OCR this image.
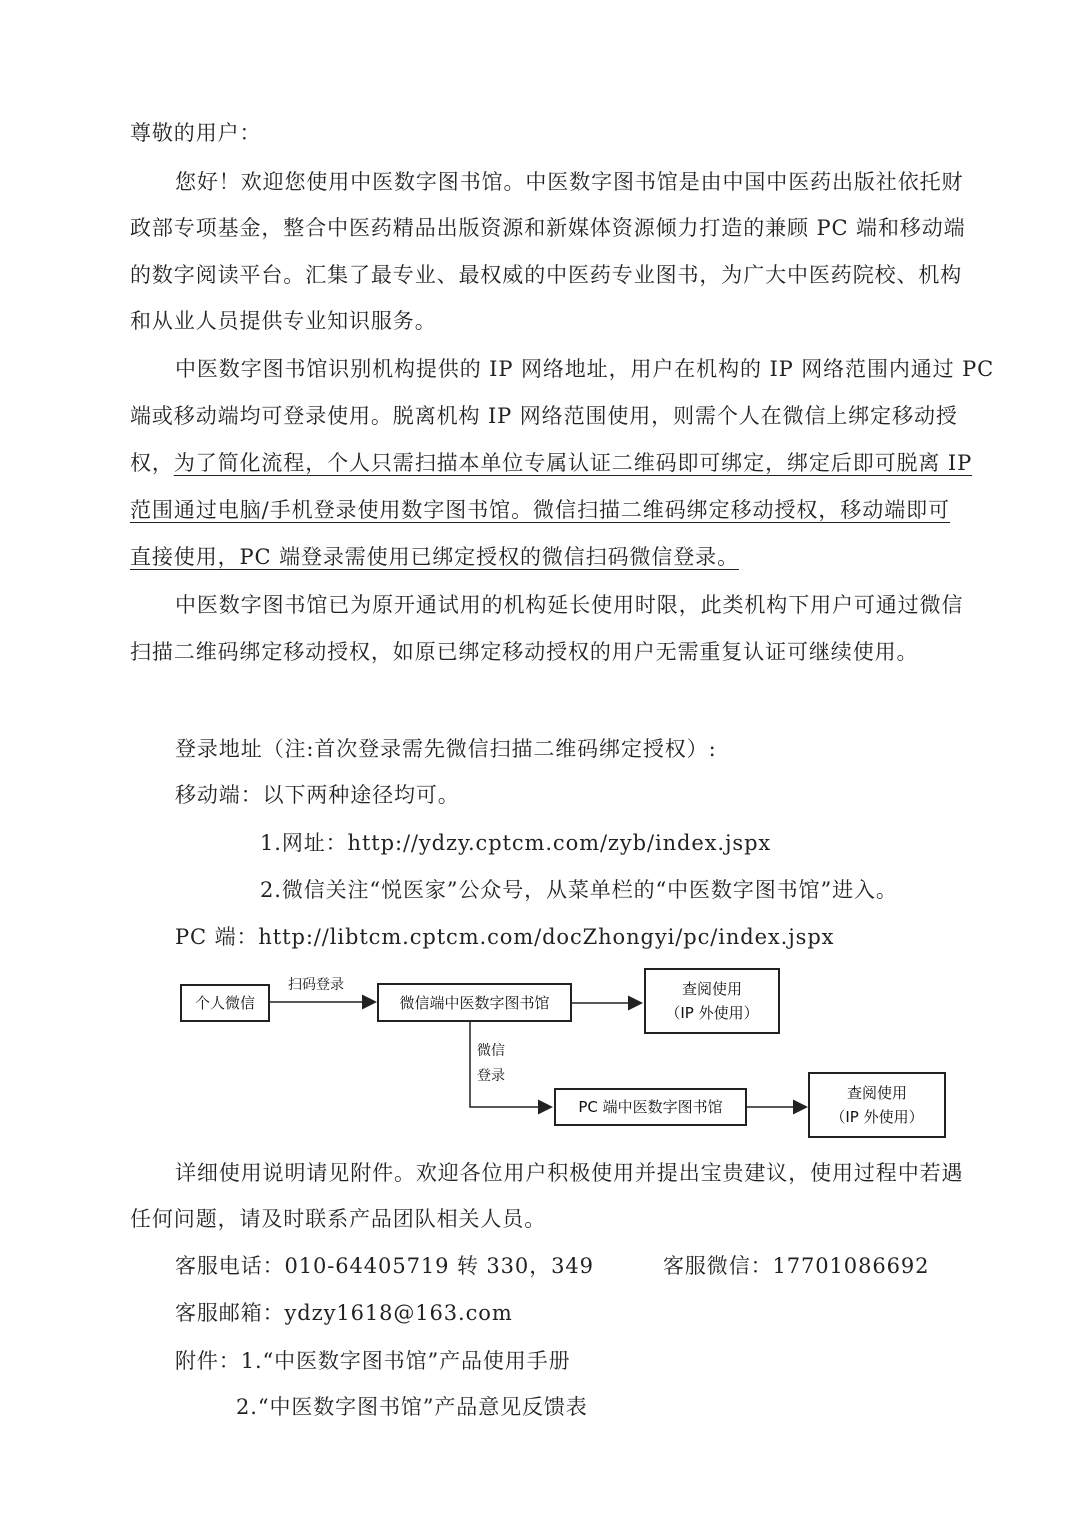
尊敬的用户：

您好！欢迎您使用中医数字图书馆。中医数字图书馆是由中国中医药出版社依托财

政部专项基金，整合中医药精品出版资源和新媒体资源倾力打造的兼顾 PC 端和移动端

的数字阅读平台。汇集了最专业、最权威的中医药专业图书，为广大中医药院校、机构

和从业人员提供专业知识服务。

中医数字图书馆识别机构提供的 IP 网络地址，用户在机构的 IP 网络范围内通过 PC

端或移动端均可登录使用。脱离机构 IP 网络范围使用，则需个人在微信上绑定移动授

权， 为了简化流程，个人只需扫描本单位专属认证二维码即可绑定，绑定后即可脱离 IP

范围通过电脑/手机登录使用数字图书馆。微信扫描二维码绑定移动授权，移动端即可

直接使用，PC 端登录需使用已绑定授权的微信扫码微信登录。

中医数字图书馆已为原开通试用的机构延长使用时限，此类机构下用户可通过微信

扫描二维码绑定移动授权，如原已绑定移动授权的用户无需重复认证可继续使用。

登录地址（注:首次登录需先微信扫描二维码绑定授权）:

移动端：以下两种途径均可。

1.网址：http://ydzy.cptcm.com/zyb/index.jspx

2.微信关注“悦医家”公众号，从菜单栏的“中医数字图书馆”进入。

PC 端：http://libtcm.cptcm.com/docZhongyi/pc/index.jspx

个人微信
扫码登录
微信端中医数字图书馆
查阅使用
（IP 外使用）
微信
登录
PC 端中医数字图书馆
查阅使用
（IP 外使用）

详细使用说明请见附件。欢迎各位用户积极使用并提出宝贵建议，使用过程中若遇

任何问题，请及时联系产品团队相关人员。

客服电话：010-64405719 转 330，349	客服微信：17701086692

客服邮箱：ydzy1618@163.com

附件：1.“中医数字图书馆”产品使用手册

2.“中医数字图书馆”产品意见反馈表
